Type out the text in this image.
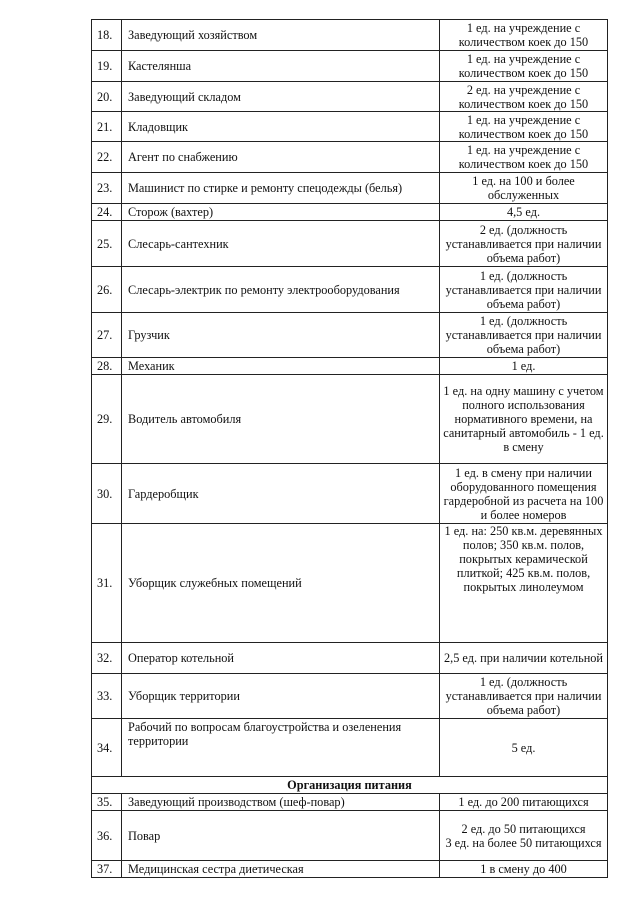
18.	Заведующий хозяйством	1 ед. на учреждение с количеством коек до 150
19.	Кастелянша	1 ед. на учреждение с количеством коек до 150
20.	Заведующий складом	2 ед. на учреждение с количеством коек до 150
21.	Кладовщик	1 ед. на учреждение с количеством коек до 150
22.	Агент по снабжению	1 ед. на учреждение с количеством коек до 150
23.	Машинист по стирке и ремонту спецодежды (белья)	1 ед. на 100 и более обслуженных
24.	Сторож (вахтер)	4,5 ед.
25.	Слесарь-сантехник	2 ед. (должность устанавливается при наличии объема работ)
26.	Слесарь-электрик по ремонту электрооборудования	1 ед. (должность устанавливается при наличии объема работ)
27.	Грузчик	1 ед. (должность устанавливается при наличии объема работ)
28.	Механик	1 ед.
29.	Водитель автомобиля	1 ед. на одну машину с учетом полного использования нормативного времени, на санитарный автомобиль - 1 ед. в смену
30.	Гардеробщик	1 ед. в смену при наличии оборудованного помещения гардеробной из расчета на 100 и более номеров
31.	Уборщик служебных помещений	1 ед. на: 250 кв.м. деревянных полов; 350 кв.м. полов, покрытых керамической плиткой; 425 кв.м. полов, покрытых линолеумом
32.	Оператор котельной	2,5 ед. при наличии котельной
33.	Уборщик территории	1 ед. (должность устанавливается при наличии объема работ)
34.	Рабочий по вопросам благоустройства и озеленения территории	5 ед.
Организация питания		
35.	Заведующий производством (шеф-повар)	1 ед. до 200 питающихся
36.	Повар	2 ед. до 50 питающихся
3 ед. на более 50 питающихся
37.	Медицинская сестра диетическая	1 в смену до 400
